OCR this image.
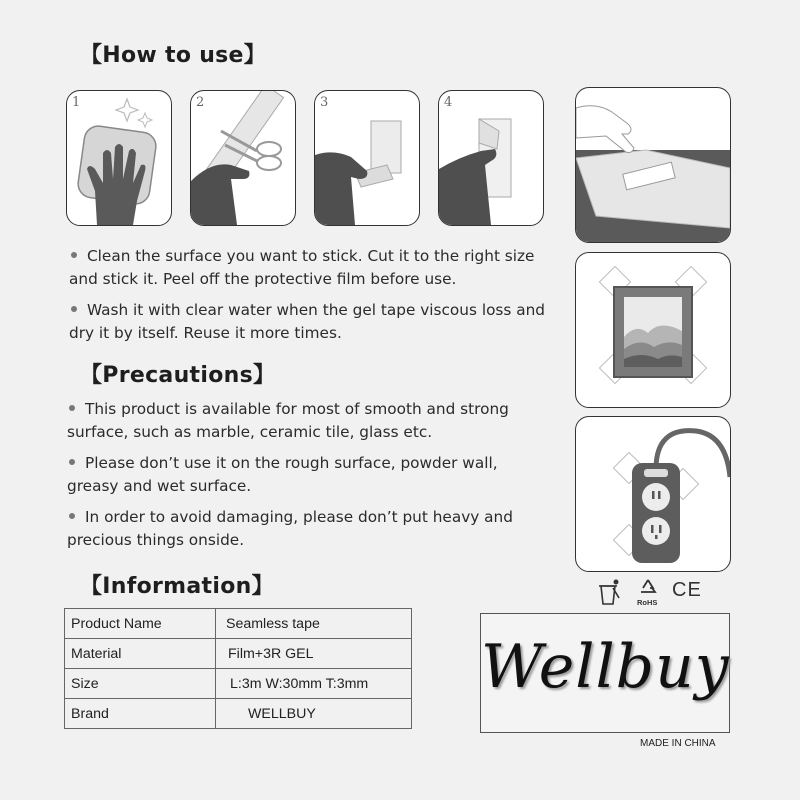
【How to use】
1	2	3	4
Clean the surface you want to stick. Cut it to the right size and stick it. Peel off the protective film before use.
Wash it with clear water when the gel tape viscous loss and dry it by itself. Reuse it more times.
【Precautions】
This product is available for most of smooth and strong surface, such as marble, ceramic tile, glass etc.
Please don’t use it on the rough surface, powder wall, greasy and wet surface.
In order to avoid damaging, please don’t put heavy and precious things onside.
【Information】
Product Name	Seamless tape
Material	Film+3R GEL
Size	L:3m W:30mm T:3mm
Brand	WELLBUY
RoHS
CE
Wellbuy
MADE IN CHINA
